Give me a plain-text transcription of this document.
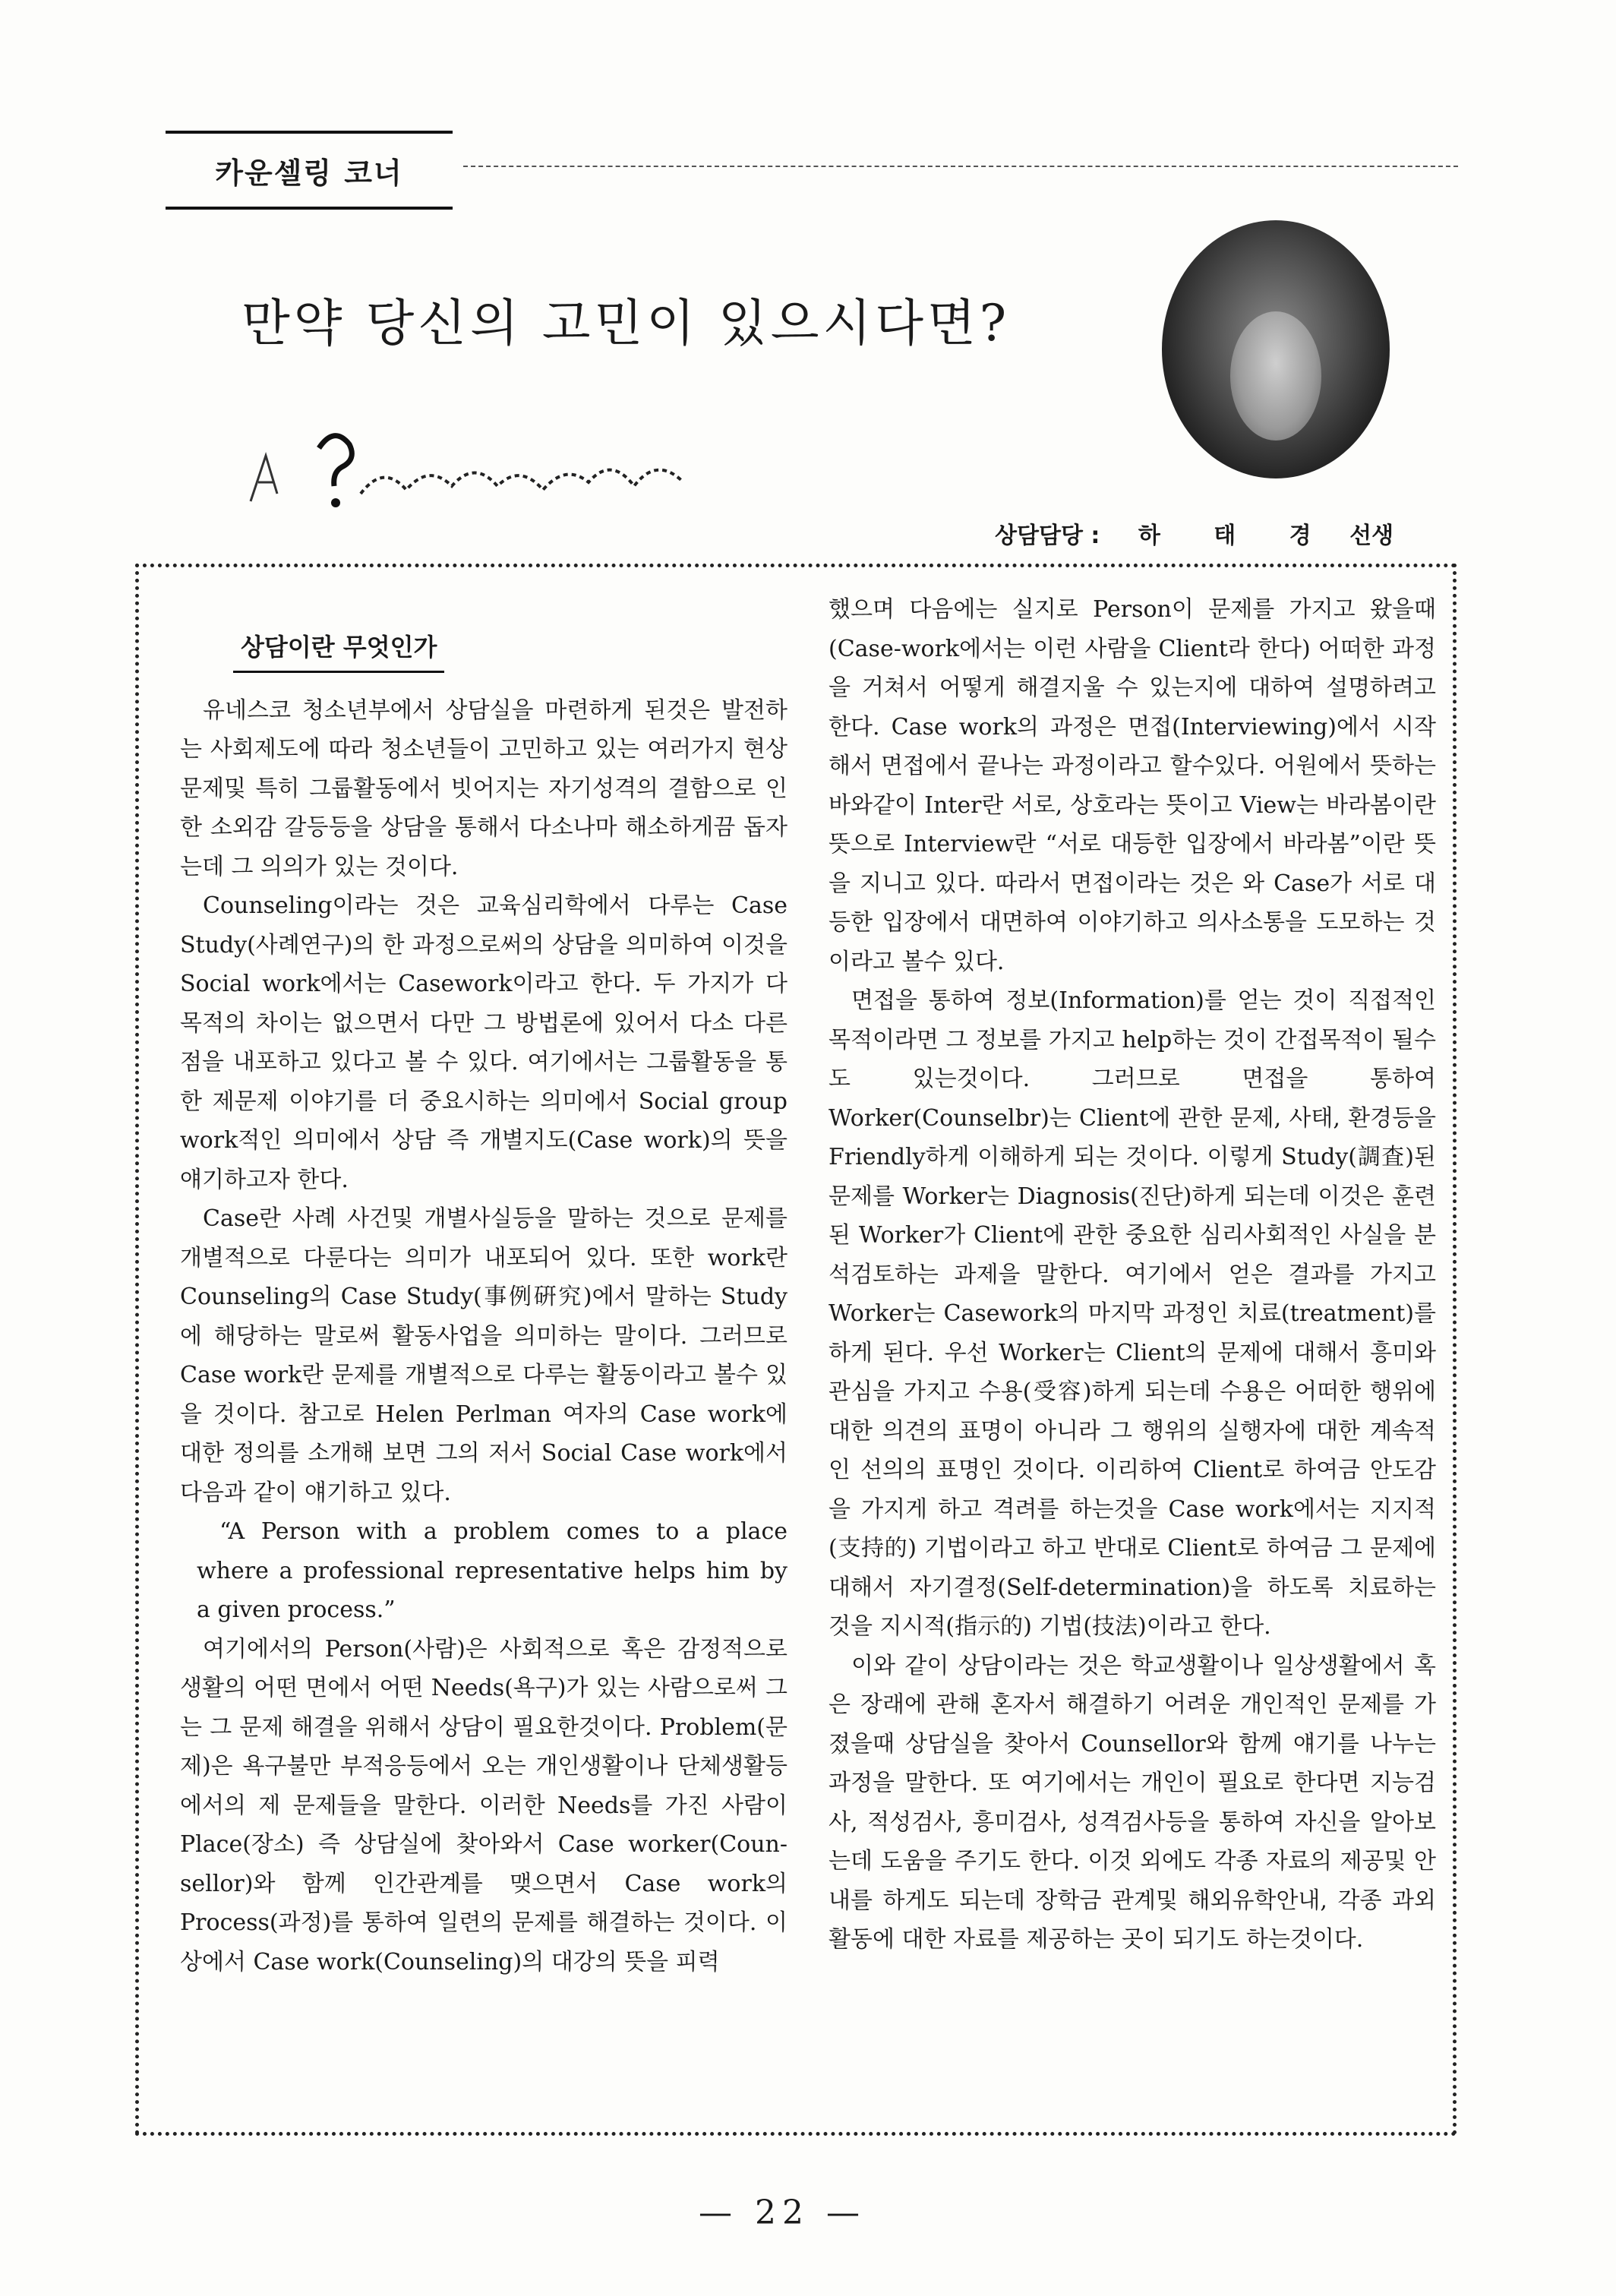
카운셀링 코너
만약 당신의 고민이 있으시다면?
상담담당 : 하 태 경 선생
상담이란 무엇인가

유네스코 청소년부에서 상담실을 마련하게 된것은 발전하는 사회제도에 따라 청소년들이 고민하고 있는 여러가지 현상문제및 특히 그룹활동에서 빗어지는 자기성격의 결함으로 인한 소외감 갈등등을 상담을 통해서 다소나마 해소하게끔 돕자는데 그 의의가 있는 것이다.

Counseling이라는 것은 교육심리학에서 다루는 Case Study(사례연구)의 한 과정으로써의 상담을 의미하여 이것을 Social work에서는 Casework이라고 한다. 두 가지가 다 목적의 차이는 없으면서 다만 그 방법론에 있어서 다소 다른점을 내포하고 있다고 볼 수 있다. 여기에서는 그룹활동을 통한 제문제 이야기를 더 중요시하는 의미에서 Social group work적인 의미에서 상담 즉 개별지도(Case work)의 뜻을 얘기하고자 한다.

Case란 사례 사건및 개별사실등을 말하는 것으로 문제를 개별적으로 다룬다는 의미가 내포되어 있다. 또한 work란 Counseling의 Case Study(事例硏究)에서 말하는 Study에 해당하는 말로써 활동사업을 의미하는 말이다. 그러므로 Case work란 문제를 개별적으로 다루는 활동이라고 볼수 있을 것이다. 참고로 Helen Perlman 여자의 Case work에 대한 정의를 소개해 보면 그의 저서 Social Case work에서 다음과 같이 얘기하고 있다.

“A Person with a problem comes to a place where a professional representative helps him by a given process.”

여기에서의 Person(사람)은 사회적으로 혹은 감정적으로 생활의 어떤 면에서 어떤 Needs(욕구)가 있는 사람으로써 그는 그 문제 해결을 위해서 상담이 필요한것이다. Problem(문제)은 욕구불만 부적응등에서 오는 개인생활이나 단체생활등에서의 제 문제들을 말한다. 이러한 Needs를 가진 사람이 Place(장소) 즉 상담실에 찾아와서 Case worker(Coun-sellor)와 함께 인간관계를 맺으면서 Case work의 Process(과정)를 통하여 일련의 문제를 해결하는 것이다. 이상에서 Case work(Counseling)의 대강의 뜻을 피력

했으며 다음에는 실지로 Person이 문제를 가지고 왔을때(Case-work에서는 이런 사람을 Client라 한다) 어떠한 과정을 거쳐서 어떻게 해결지울 수 있는지에 대하여 설명하려고 한다. Case work의 과정은 면접(Interviewing)에서 시작해서 면접에서 끝나는 과정이라고 할수있다. 어원에서 뜻하는 바와같이 Inter란 서로, 상호라는 뜻이고 View는 바라봄이란 뜻으로 Interview란 “서로 대등한 입장에서 바라봄”이란 뜻을 지니고 있다. 따라서 면접이라는 것은 와 Case가 서로 대등한 입장에서 대면하여 이야기하고 의사소통을 도모하는 것이라고 볼수 있다.

면접을 통하여 정보(Information)를 얻는 것이 직접적인 목적이라면 그 정보를 가지고 help하는 것이 간접목적이 될수도 있는것이다. 그러므로 면접을 통하여 Worker(Counselbr)는 Client에 관한 문제, 사태, 환경등을 Friendly하게 이해하게 되는 것이다. 이렇게 Study(調査)된 문제를 Worker는 Diagnosis(진단)하게 되는데 이것은 훈련된 Worker가 Client에 관한 중요한 심리사회적인 사실을 분석검토하는 과제을 말한다. 여기에서 얻은 결과를 가지고 Worker는 Casework의 마지막 과정인 치료(treatment)를 하게 된다. 우선 Worker는 Client의 문제에 대해서 흥미와 관심을 가지고 수용(受容)하게 되는데 수용은 어떠한 행위에 대한 의견의 표명이 아니라 그 행위의 실행자에 대한 계속적인 선의의 표명인 것이다. 이리하여 Client로 하여금 안도감을 가지게 하고 격려를 하는것을 Case work에서는 지지적(支持的) 기법이라고 하고 반대로 Client로 하여금 그 문제에 대해서 자기결정(Self-determination)을 하도록 치료하는 것을 지시적(指示的) 기법(技法)이라고 한다.

이와 같이 상담이라는 것은 학교생활이나 일상생활에서 혹은 장래에 관해 혼자서 해결하기 어려운 개인적인 문제를 가졌을때 상담실을 찾아서 Counsellor와 함께 얘기를 나누는 과정을 말한다. 또 여기에서는 개인이 필요로 한다면 지능검사, 적성검사, 흥미검사, 성격검사등을 통하여 자신을 알아보는데 도움을 주기도 한다. 이것 외에도 각종 자료의 제공및 안내를 하게도 되는데 장학금 관계및 해외유학안내, 각종 과외활동에 대한 자료를 제공하는 곳이 되기도 하는것이다.

— 22 —
